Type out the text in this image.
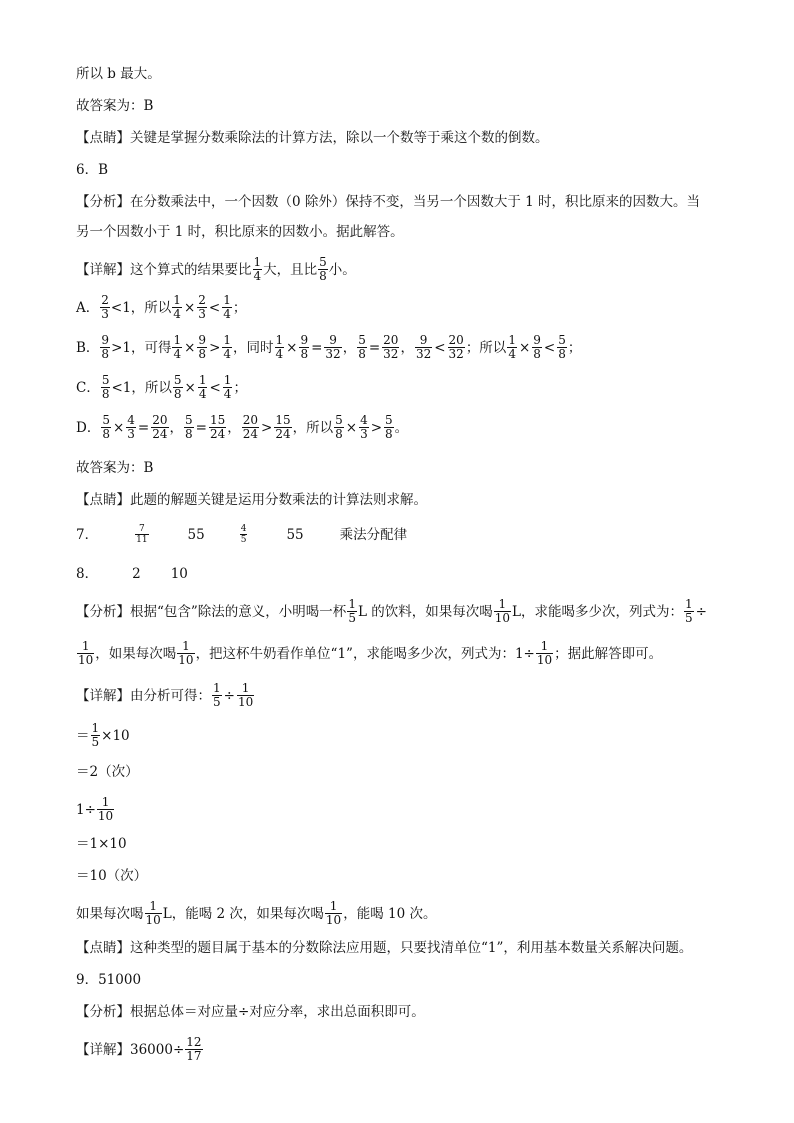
所以 b 最大。
故答案为：B
【点睛】关键是掌握分数乘除法的计算方法，除以一个数等于乘这个数的倒数。
6．B
【分析】在分数乘法中，一个因数（0 除外）保持不变，当另一个因数大于 1 时，积比原来的因数大。当
另一个因数小于 1 时，积比原来的因数小。据此解答。
【详解】这个算式的结果要比 $\frac{1}{4}$ 大，且比 $\frac{5}{8}$ 小。
A． $\frac{2}{3} <1$，所以 $\frac{1}{4} \times \frac{2}{3} < \frac{1}{4}$ ；
B． $\frac{9}{8} >1$，可得 $\frac{1}{4} \times \frac{9}{8} > \frac{1}{4}$ ，同时 $\frac{1}{4} \times \frac{9}{8} = \frac{9}{32}$ ， $\frac{5}{8} = \frac{20}{32}$ ， $\frac{9}{32} < \frac{20}{32}$ ；所以 $\frac{1}{4} \times \frac{9}{8} < \frac{5}{8}$ ；
C． $\frac{5}{8} <1$，所以 $\frac{5}{8} \times \frac{1}{4} < \frac{1}{4}$ ；
D． $\frac{5}{8} \times \frac{4}{3} = \frac{20}{24}$ ， $\frac{5}{8} = \frac{15}{24}$ ， $\frac{20}{24} > \frac{15}{24}$ ，所以 $\frac{5}{8} \times \frac{4}{3} > \frac{5}{8}$ 。
故答案为：B
【点睛】此题的解题关键是运用分数乘法的计算法则求解。
7．	$\frac{7}{11}$	55	$\frac{4}{5}$	55	乘法分配律
8．	2 10
【分析】根据“包含”除法的意义，小明喝一杯 $\frac{1}{5}$ L 的饮料，如果每次喝 $\frac{1}{10}$ L，求能喝多少次，列式为： $\frac{1}{5}$ ÷
$\frac{1}{10}$ ，如果每次喝 $\frac{1}{10}$ ，把这杯牛奶看作单位“1”，求能喝多少次，列式为：$1\div \frac{1}{10}$ ；据此解答即可。
【详解】由分析可得： $\frac{1}{5} \div \frac{1}{10}$
＝ $\frac{1}{5} \times 10$
＝2（次）
$1\div \frac{1}{10}$
＝1×10
＝10（次）
如果每次喝 $\frac{1}{10}$ L，能喝 2 次，如果每次喝 $\frac{1}{10}$ ，能喝 10 次。
【点睛】这种类型的题目属于基本的分数除法应用题，只要找清单位“1”，利用基本数量关系解决问题。
9．51000
【分析】根据总体＝对应量÷对应分率，求出总面积即可。
【详解】$36000\div \frac{12}{17}$
